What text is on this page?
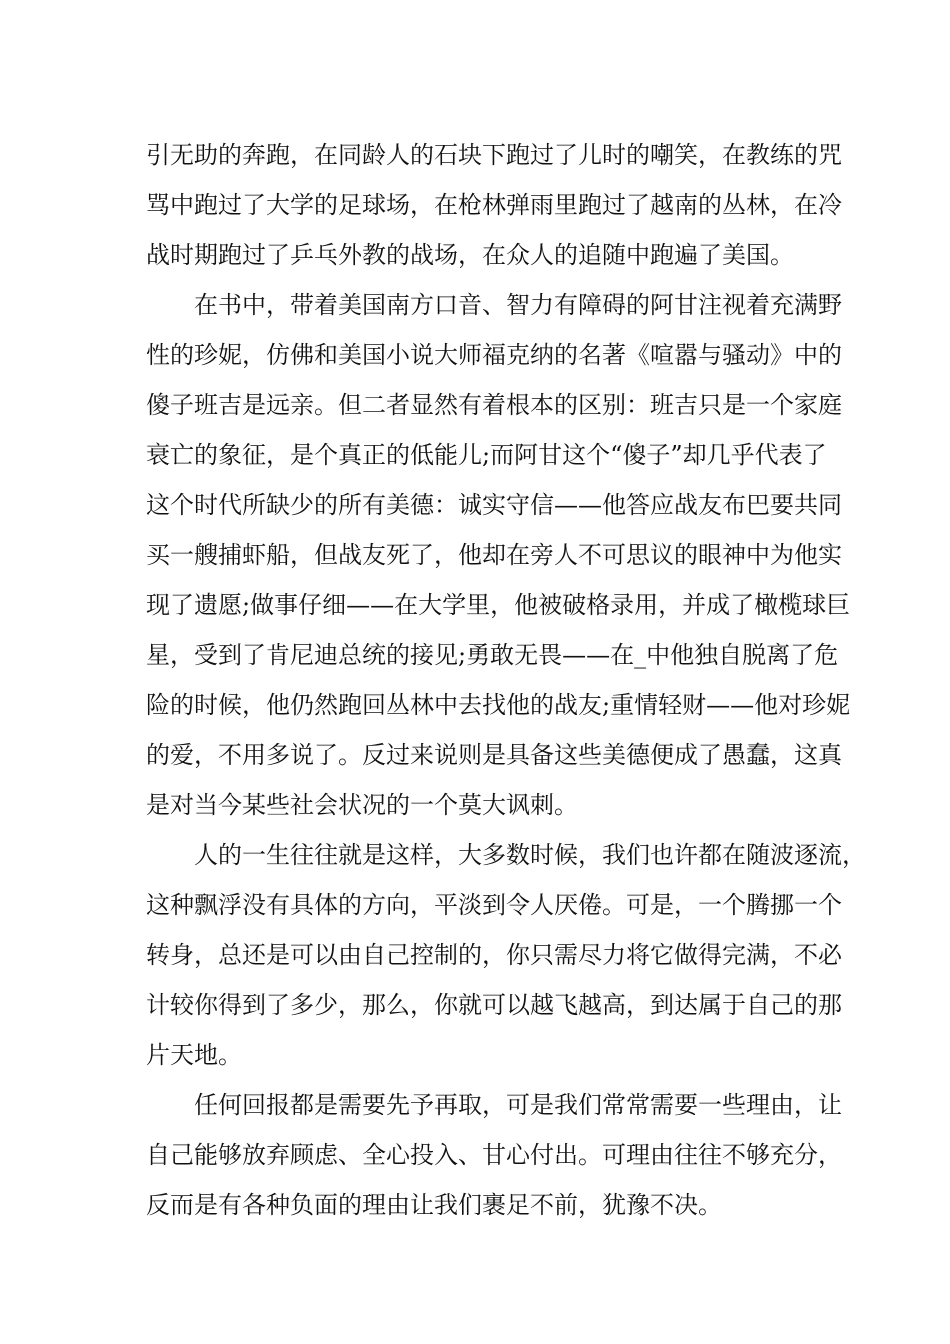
引无助的奔跑，在同龄人的石块下跑过了儿时的嘲笑，在教练的咒
骂中跑过了大学的足球场，在枪林弹雨里跑过了越南的丛林，在冷
战时期跑过了乒乓外教的战场，在众人的追随中跑遍了美国。
在书中，带着美国南方口音、智力有障碍的阿甘注视着充满野
性的珍妮，仿佛和美国小说大师福克纳的名著《喧嚣与骚动》中的
傻子班吉是远亲。但二者显然有着根本的区别：班吉只是一个家庭
衰亡的象征，是个真正的低能儿;而阿甘这个“傻子”却几乎代表了
这个时代所缺少的所有美德：诚实守信——他答应战友布巴要共同
买一艘捕虾船，但战友死了，他却在旁人不可思议的眼神中为他实
现了遗愿;做事仔细——在大学里，他被破格录用，并成了橄榄球巨
星，受到了肯尼迪总统的接见;勇敢无畏——在_中他独自脱离了危
险的时候，他仍然跑回丛林中去找他的战友;重情轻财——他对珍妮
的爱，不用多说了。反过来说则是具备这些美德便成了愚蠢，这真
是对当今某些社会状况的一个莫大讽刺。
人的一生往往就是这样，大多数时候，我们也许都在随波逐流，
这种飘浮没有具体的方向，平淡到令人厌倦。可是，一个腾挪一个
转身，总还是可以由自己控制的，你只需尽力将它做得完满，不必
计较你得到了多少，那么，你就可以越飞越高，到达属于自己的那
片天地。
任何回报都是需要先予再取，可是我们常常需要一些理由，让
自己能够放弃顾虑、全心投入、甘心付出。可理由往往不够充分，
反而是有各种负面的理由让我们裹足不前，犹豫不决。
